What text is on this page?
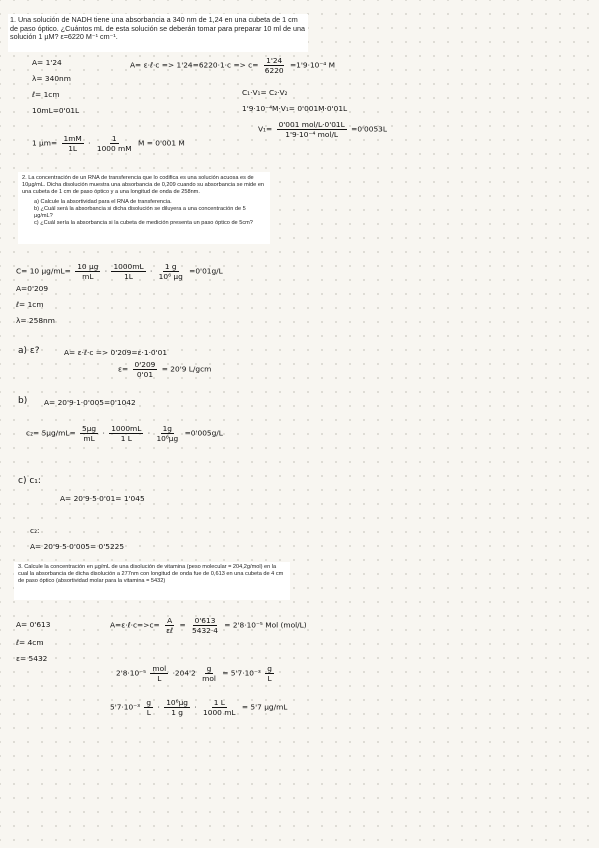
1. Una solución de NADH tiene una absorbancia a 340 nm de 1,24 en una cubeta de 1 cm de paso óptico. ¿Cuántos mL de esta solución se deberán tomar para preparar 10 ml de una solución 1 µM? ε=6220 M⁻¹ cm⁻¹.
A= 1'24
λ= 340nm
ℓ= 1cm
10mL=0'01L
A= ε·ℓ·c => $1'24=6220\cdot 1\cdot c => c= \frac{1'24}{6220} =1'9\cdot 10^{-4}$ M
C₁·V₁= C₂·V₂
1'9·10⁻⁴M·V₁= 0'001M·0'01L
$V_1= \frac{\text{0'001 mol/L·0'01L}}{\text{1'9·10⁻⁴ mol/L}} =0'0053L$
1 $\mu m= \frac{1mM}{1L} \cdot \frac{1}{1000 mM}$ M = 0'001 M
2. La concentración de un RNA de transferencia que lo codifica es una solución acuosa es de 10µg/mL. Dicha disolución muestra una absorbancia de 0,209 cuando su absorbancia se mide en una cubeta de 1 cm de paso óptico y a una longitud de onda de 258nm.
a) Calcule la absortividad para el RNA de transferencia.
b) ¿Cuál será la absorbancia si dicha disolución se diluyera a una concentración de 5 µg/mL?
c) ¿Cuál sería la absorbancia si la cubeta de medición presenta un paso óptico de 5cm?
C= 10 $\mu g/mL= \frac{\text{10 µg}}{mL} \cdot \frac{1000mL}{1L} \cdot \frac{1 g}{\text{10⁶ µg}} =0'01g/L$
A=0'209
ℓ= 1cm
λ= 258nm
a) ε?	A= ε·ℓ·c => 0'209=ε·1·0'01
$\varepsilon= \frac{0'209}{0'01} = 20'9$ L/gcm
b) A= 20'9·1·0'005=0'1042
$c_2= 5\mu g/mL= \frac{\text{5µg}}{mL} \cdot \frac{1000mL}{1 L} \cdot \frac{1g}{\text{10⁶µg}} =0'005g/L$
c) c₁:
A= 20'9·5·0'01= 1'045
c₂:
A= 20'9·5·0'005= 0'5225
3. Calcule la concentración en µg/mL de una disolución de vitamina (peso molecular = 204,2g/mol) en la cual la absorbancia de dicha disolución a 277nm con longitud de onda fue de 0,613 en una cubeta de 4 cm de paso óptico (absortividad molar para la vitamina = 5432)
A= 0'613
ℓ= 4cm
ε= 5432
A=ε·ℓ·c=>c= $\frac{A}{\text{εℓ}} = \frac{0'613}{5432\cdot 4} = 2'8\cdot 10^{-5}$ Mol (mol/L)
$2'8\cdot 10^{-5} \frac{\text{mol}}{L} \cdot 204'2 \frac{g}{\text{mol}} = 5'7\cdot 10^{-3} \frac{g}{L}$
$5'7\cdot 10^{-3} \frac{g}{L} \cdot \frac{\text{10⁶µg}}{1 g} \cdot \frac{1 L}{1000 mL} = 5'7$ µg/mL
